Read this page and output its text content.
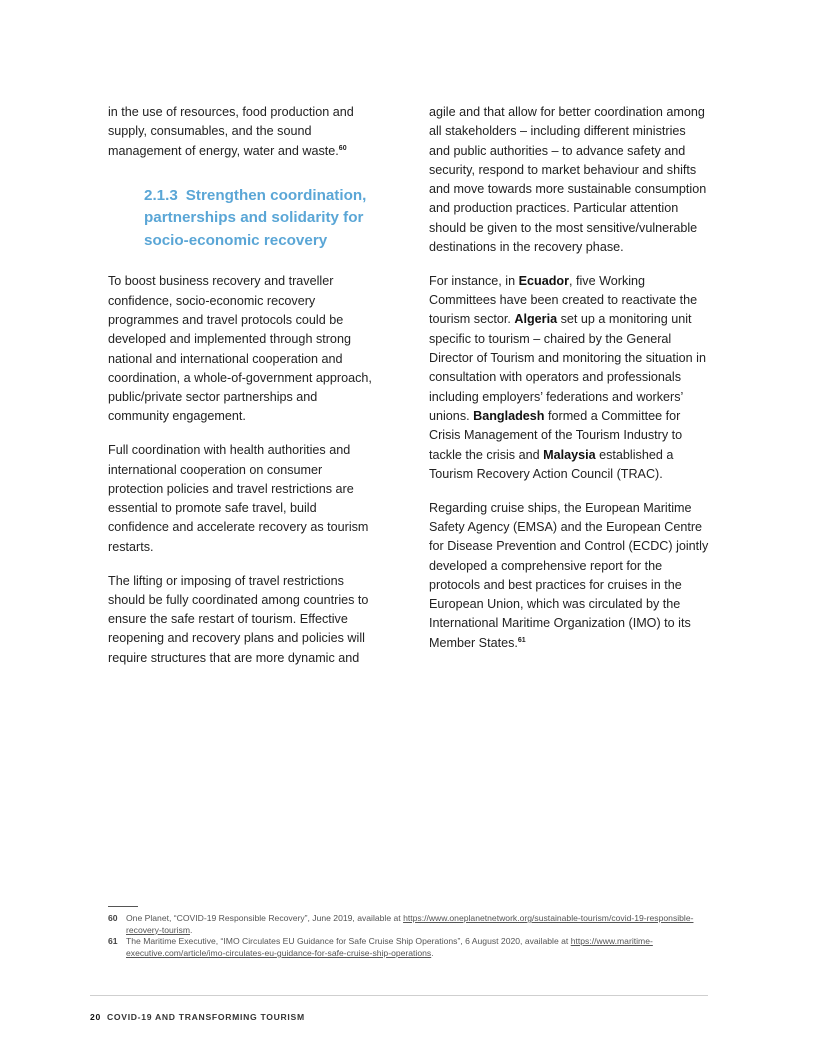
in the use of resources, food production and supply, consumables, and the sound management of energy, water and waste.$^{60}$

2.1.3 Strengthen coordination, partnerships and solidarity for socio-economic recovery

To boost business recovery and traveller confidence, socio-economic recovery programmes and travel protocols could be developed and implemented through strong national and international cooperation and coordination, a whole-of-government approach, public/private sector partnerships and community engagement.

Full coordination with health authorities and international cooperation on consumer protection policies and travel restrictions are essential to promote safe travel, build confidence and accelerate recovery as tourism restarts.

The lifting or imposing of travel restrictions should be fully coordinated among countries to ensure the safe restart of tourism. Effective reopening and recovery plans and policies will require structures that are more dynamic and

agile and that allow for better coordination among all stakeholders – including different ministries and public authorities – to advance safety and security, respond to market behaviour and shifts and move towards more sustainable consumption and production practices. Particular attention should be given to the most sensitive/vulnerable destinations in the recovery phase.

For instance, in Ecuador, five Working Committees have been created to reactivate the tourism sector. Algeria set up a monitoring unit specific to tourism – chaired by the General Director of Tourism and monitoring the situation in consultation with operators and professionals including employers’ federations and workers’ unions. Bangladesh formed a Committee for Crisis Management of the Tourism Industry to tackle the crisis and Malaysia established a Tourism Recovery Action Council (TRAC).

Regarding cruise ships, the European Maritime Safety Agency (EMSA) and the European Centre for Disease Prevention and Control (ECDC) jointly developed a comprehensive report for the protocols and best practices for cruises in the European Union, which was circulated by the International Maritime Organization (IMO) to its Member States.$^{61}$

60 One Planet, “COVID-19 Responsible Recovery”, June 2019, available at https://www.oneplanetnetwork.org/sustainable-tourism/covid-19-responsible-recovery-tourism.
61 The Maritime Executive, “IMO Circulates EU Guidance for Safe Cruise Ship Operations”, 6 August 2020, available at https://www.maritime-executive.com/article/imo-circulates-eu-guidance-for-safe-cruise-ship-operations.
20 COVID-19 AND TRANSFORMING TOURISM
